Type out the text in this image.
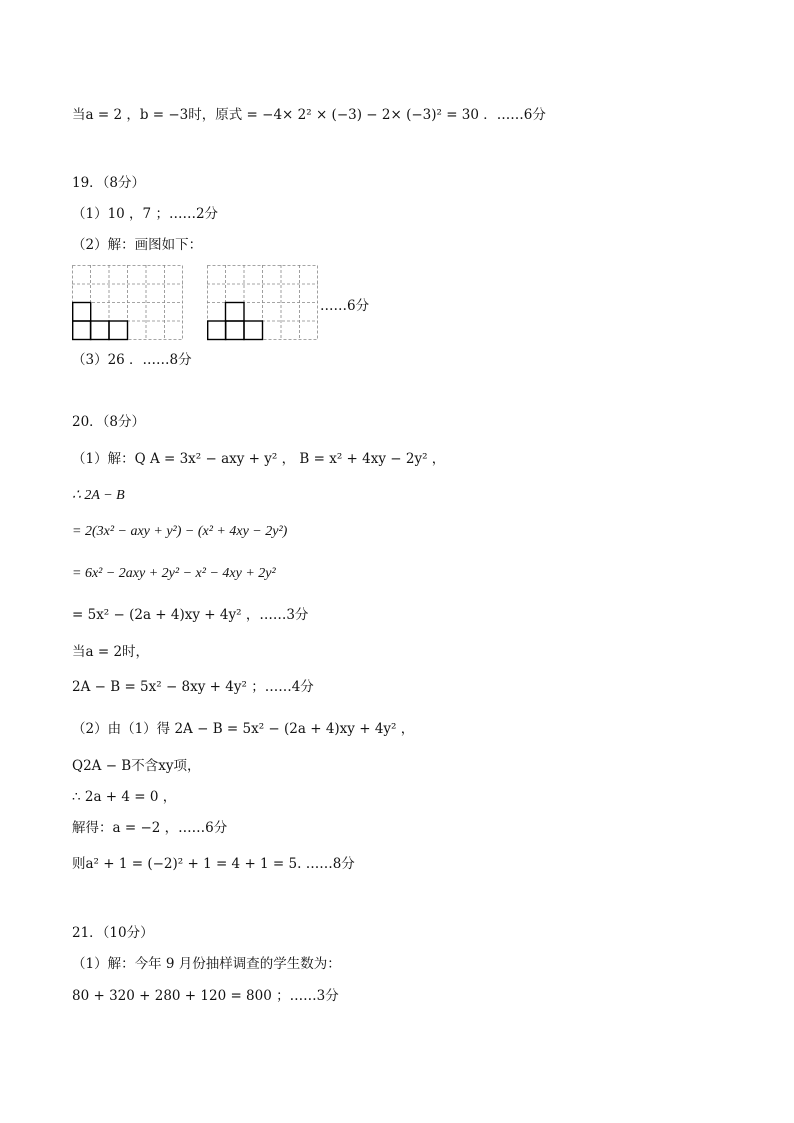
当a = 2 ，b = −3时，原式 = −4× 2² × (−3) − 2× (−3)² = 30 ．……6分
19．（8分）
（1）10 ，7 ；……2分
（2）解：画图如下：
……6分
（3）26 ．……8分
20．（8分）
（1）解：Q A = 3x² − axy + y² ， B = x² + 4xy − 2y² ，
∴ 2A − B
= 2(3x² − axy + y²) − (x² + 4xy − 2y²)
= 6x² − 2axy + 2y² − x² − 4xy + 2y²
= 5x² − (2a + 4)xy + 4y² ，……3分
当a = 2时，
2A − B = 5x² − 8xy + 4y² ；……4分
（2）由（1）得 2A − B = 5x² − (2a + 4)xy + 4y² ，
Q2A − B不含xy项，
∴ 2a + 4 = 0 ，
解得：a = −2 ，……6分
则a² + 1 = (−2)² + 1 = 4 + 1 = 5. ……8分
21．（10分）
（1）解：今年 9 月份抽样调查的学生数为：
80 + 320 + 280 + 120 = 800 ；……3分
